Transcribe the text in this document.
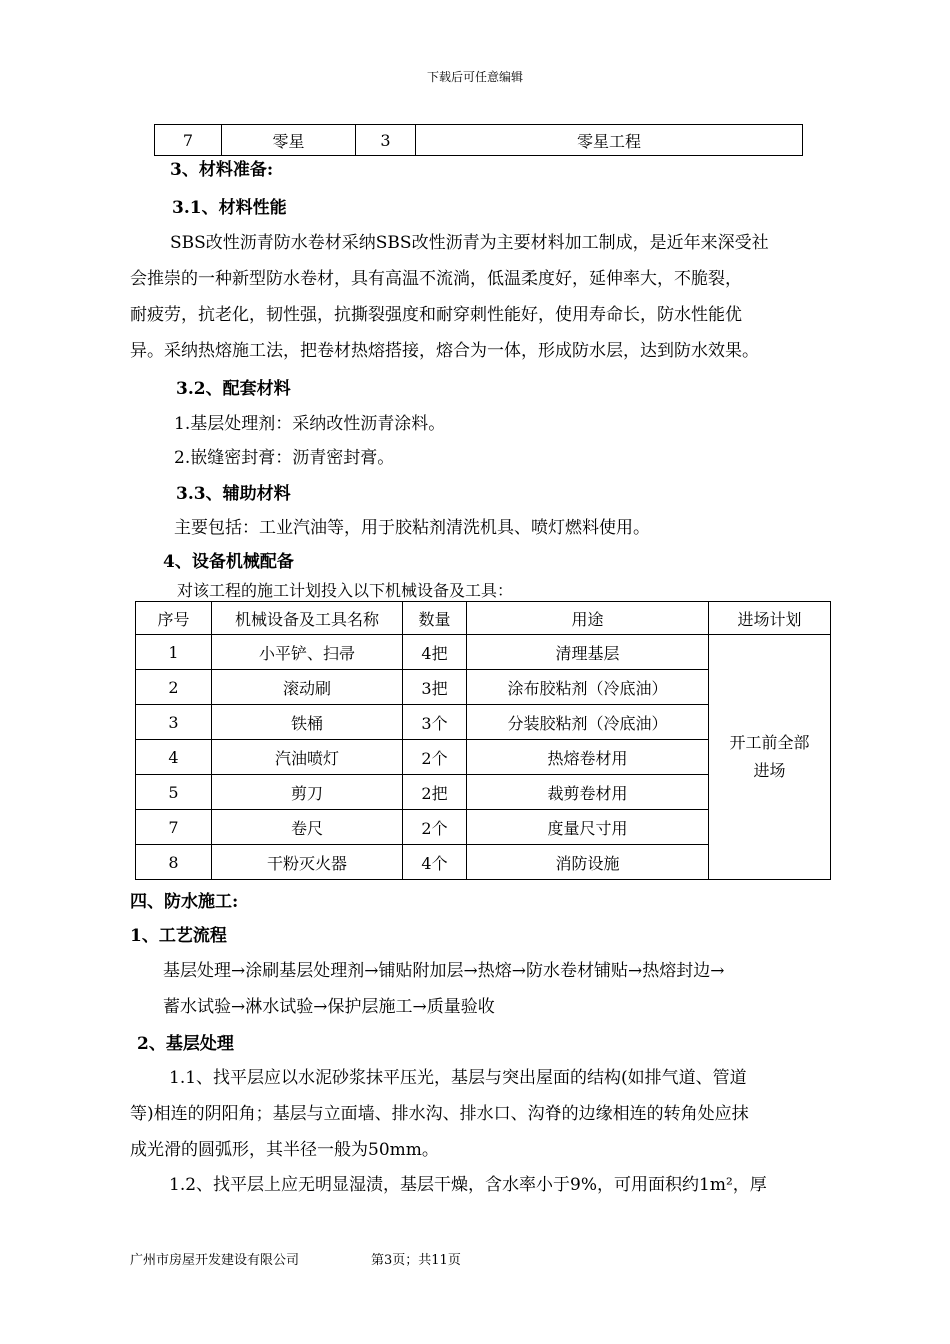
下载后可任意编辑
7	零星	3	零星工程
3、材料准备:
3.1、材料性能
SBS改性沥青防水卷材采纳SBS改性沥青为主要材料加工制成，是近年来深受社
会推崇的一种新型防水卷材，具有高温不流淌，低温柔度好，延伸率大，不脆裂，
耐疲劳，抗老化，韧性强，抗撕裂强度和耐穿刺性能好，使用寿命长，防水性能优
异。采纳热熔施工法，把卷材热熔搭接，熔合为一体，形成防水层，达到防水效果。
3.2、配套材料
1.基层处理剂：采纳改性沥青涂料。
2.嵌缝密封膏：沥青密封膏。
3.3、辅助材料
主要包括：工业汽油等，用于胶粘剂清洗机具、喷灯燃料使用。
4、设备机械配备
对该工程的施工计划投入以下机械设备及工具：
序号	机械设备及工具名称	数量	用途	进场计划
1	小平铲、扫帚	4把	清理基层	开工前全部
进场

2	滚动刷	3把	涂布胶粘剂（冷底油）	
3	铁桶	3个	分装胶粘剂（冷底油）	
4	汽油喷灯	2个	热熔卷材用	
5	剪刀	2把	裁剪卷材用	
7	卷尺	2个	度量尺寸用	
8	干粉灭火器	4个	消防设施	
四、防水施工:
1、工艺流程
基层处理→涂刷基层处理剂→铺贴附加层→热熔→防水卷材铺贴→热熔封边→
蓄水试验→淋水试验→保护层施工→质量验收
2、基层处理
1.1、找平层应以水泥砂浆抹平压光，基层与突出屋面的结构(如排气道、管道
等)相连的阴阳角；基层与立面墙、排水沟、排水口、沟脊的边缘相连的转角处应抹
成光滑的圆弧形，其半径一般为50mm。
1.2、找平层上应无明显湿渍，基层干燥，含水率小于9%，可用面积约1m²，厚
广州市房屋开发建设有限公司	第3页；共11页
